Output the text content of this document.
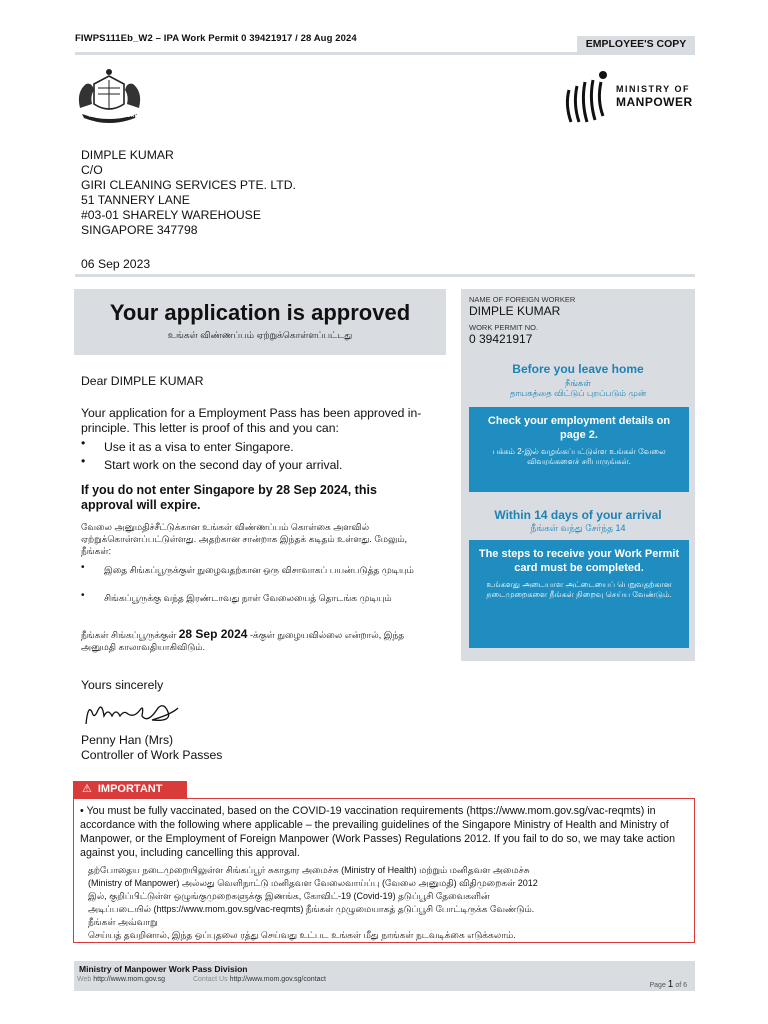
FIWPS111Eb_W2 – IPA Work Permit 0 39421917 / 28 Aug 2024	EMPLOYEE'S COPY
MAJULAH SINGAPURA
MINISTRY OF
MANPOWER
DIMPLE KUMAR
C/O
GIRI CLEANING SERVICES PTE. LTD.
51 TANNERY LANE
#03-01 SHARELY WAREHOUSE
SINGAPORE 347798
06 Sep 2023
Your application is approved
உங்கள் விண்ணப்பம் ஏற்றுக்கொள்ளப்பட்டது
NAME OF FOREIGN WORKER
DIMPLE KUMAR
WORK PERMIT NO.
0 39421917
Before you leave home
நீங்கள்
தாயகத்தை விட்டுப் புறப்படும் முன்
Check your employment details on page 2.
பக்கம் 2-இல் வழங்கப்பட்டுள்ள உங்கள் வேலை விவரங்களைச் சரிபாருங்கள்.
Within 14 days of your arrival
நீங்கள் வந்து சேர்ந்த 14
The steps to receive your Work Permit card must be completed.
உங்களது அடையாள அட்டையைப் பெறுவதற்கான நடைமுறைகளை நீங்கள் நிறைவு செய்ய வேண்டும்.
Dear DIMPLE KUMAR
Your application for a Employment Pass has been approved in-principle. This letter is proof of this and you can:
• Use it as a visa to enter Singapore.
• Start work on the second day of your arrival.
If you do not enter Singapore by 28 Sep 2024, this approval will expire.
வேலை அனுமதிச்சீட்டுக்கான உங்கள் விண்ணப்பம் கொள்கை அளவில் ஏற்றுக்கொள்ளப்பட்டுள்ளது. அதற்கான சான்றாக இந்தக் கடிதம் உள்ளது. மேலும், நீங்கள்:
• இதை சிங்கப்பூருக்குள் நுழைவதற்கான ஒரு விசாவாகப் பயன்படுத்த முடியும்
• சிங்கப்பூருக்கு வந்த இரண்டாவது நாள் வேலையைத் தொடங்க முடியும்
நீங்கள் சிங்கப்பூருக்குள் 28 Sep 2024 -க்குள் நுழையவில்லை என்றால், இந்த அனுமதி காலாவதியாகிவிடும்.
Yours sincerely
Penny Han (Mrs)
Controller of Work Passes
⚠ IMPORTANT
• You must be fully vaccinated, based on the COVID-19 vaccination requirements (https://www.mom.gov.sg/vac-reqmts) in accordance with the following where applicable – the prevailing guidelines of the Singapore Ministry of Health and Ministry of Manpower, or the Employment of Foreign Manpower (Work Passes) Regulations 2012. If you fail to do so, we may take action against you, including cancelling this approval.
தற்போதைய நடைமுறையிலுள்ள சிங்கப்பூர் சுகாதார அமைச்சு (Ministry of Health) மற்றும் மனிதவள அமைச்சு
(Ministry of Manpower) அல்லது வெளிநாட்டு மனிதவள வேலைவாய்ப்பு (வேலை அனுமதி) விதிமுறைகள் 2012
இல், குறிப்பிட்டுள்ள ஒழுங்குமுறைகளுக்கு இணங்க, கோவிட்-19 (Covid-19) தடுப்பூசி தேவைகளின்
அடிப்படையில் (https://www.mom.gov.sg/vac-reqmts) நீங்கள் முழுமையாகத் தடுப்பூசி போட்டிருக்க வேண்டும்.
நீங்கள் அவ்வாறு
செய்யத் தவறினால், இந்த ஒப்புதலை ரத்து செய்வது உட்பட உங்கள் மீது நாங்கள் நடவடிக்கை எடுக்கலாம்.
Ministry of Manpower Work Pass Division
Web http://www.mom.gov.sg	Contact Us http://www.mom.gov.sg/contact
Page 1 of 6
